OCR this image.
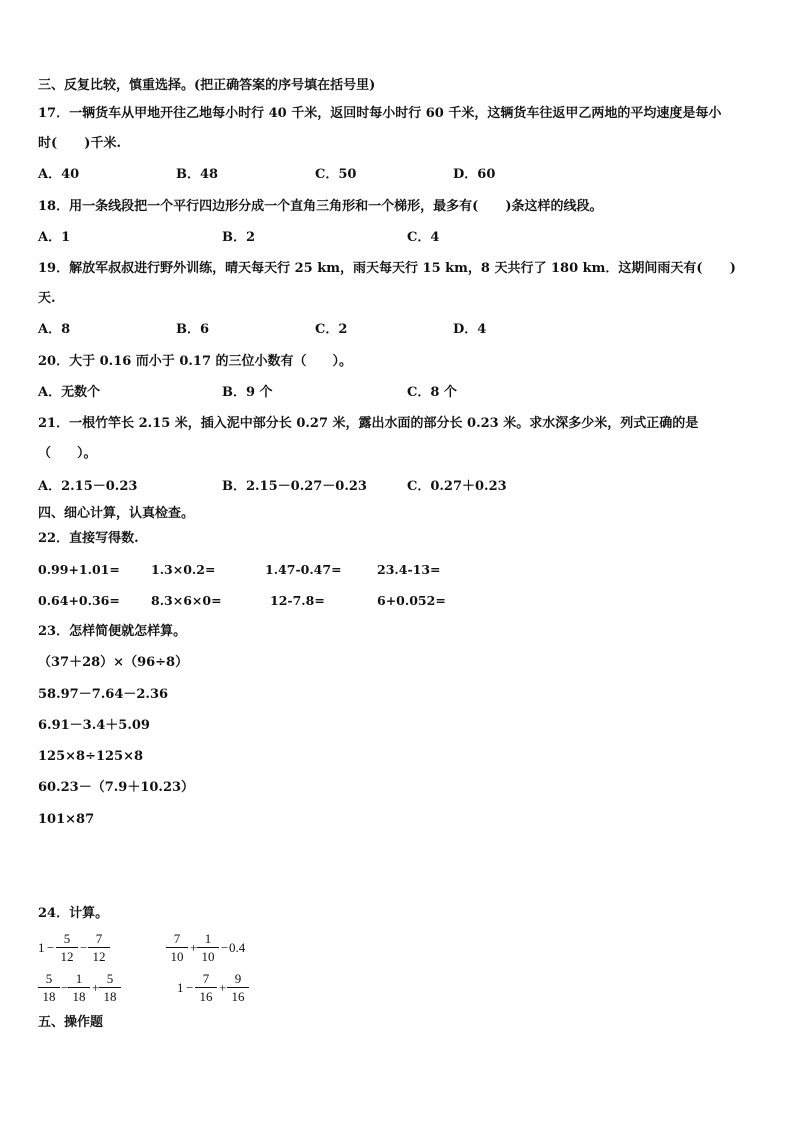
三、反复比较，慎重选择。(把正确答案的序号填在括号里)
17．一辆货车从甲地开往乙地每小时行 40 千米，返回时每小时行 60 千米，这辆货车往返甲乙两地的平均速度是每小
时(      )千米.
A．40	B．48	C．50	D．60
18．用一条线段把一个平行四边形分成一个直角三角形和一个梯形，最多有(      )条这样的线段。
A．1	B．2	C．4
19．解放军叔叔进行野外训练，晴天每天行 25 km，雨天每天行 15 km，8 天共行了 180 km．这期间雨天有(      )
天.
A．8	B．6	C．2	D．4
20．大于 0.16 而小于 0.17 的三位小数有（　　）。
A．无数个	B．9 个	C．8 个
21．一根竹竿长 2.15 米，插入泥中部分长 0.27 米，露出水面的部分长 0.23 米。求水深多少米，列式正确的是
（　　）。
A．2.15－0.23	B．2.15－0.27－0.23	C．0.27＋0.23
四、细心计算，认真检查。
22．直接写得数.
0.99+1.01= 1.3×0.2=	1.47-0.47=	23.4-13=
0.64+0.36= 8.3×6×0=	12-7.8=	6+0.052=
23．怎样简便就怎样算。
（37＋28）×（96÷8）
58.97－7.64－2.36
6.91－3.4＋5.09
125×8÷125×8
60.23－（7.9＋10.23）
101×87
24．计算。
1 −
5
12
−
7
12
7
10
+
1
10
− 0.4
5
18
−
1
18
+
5
18
1 −
7
16
+
9
16
五、操作题
